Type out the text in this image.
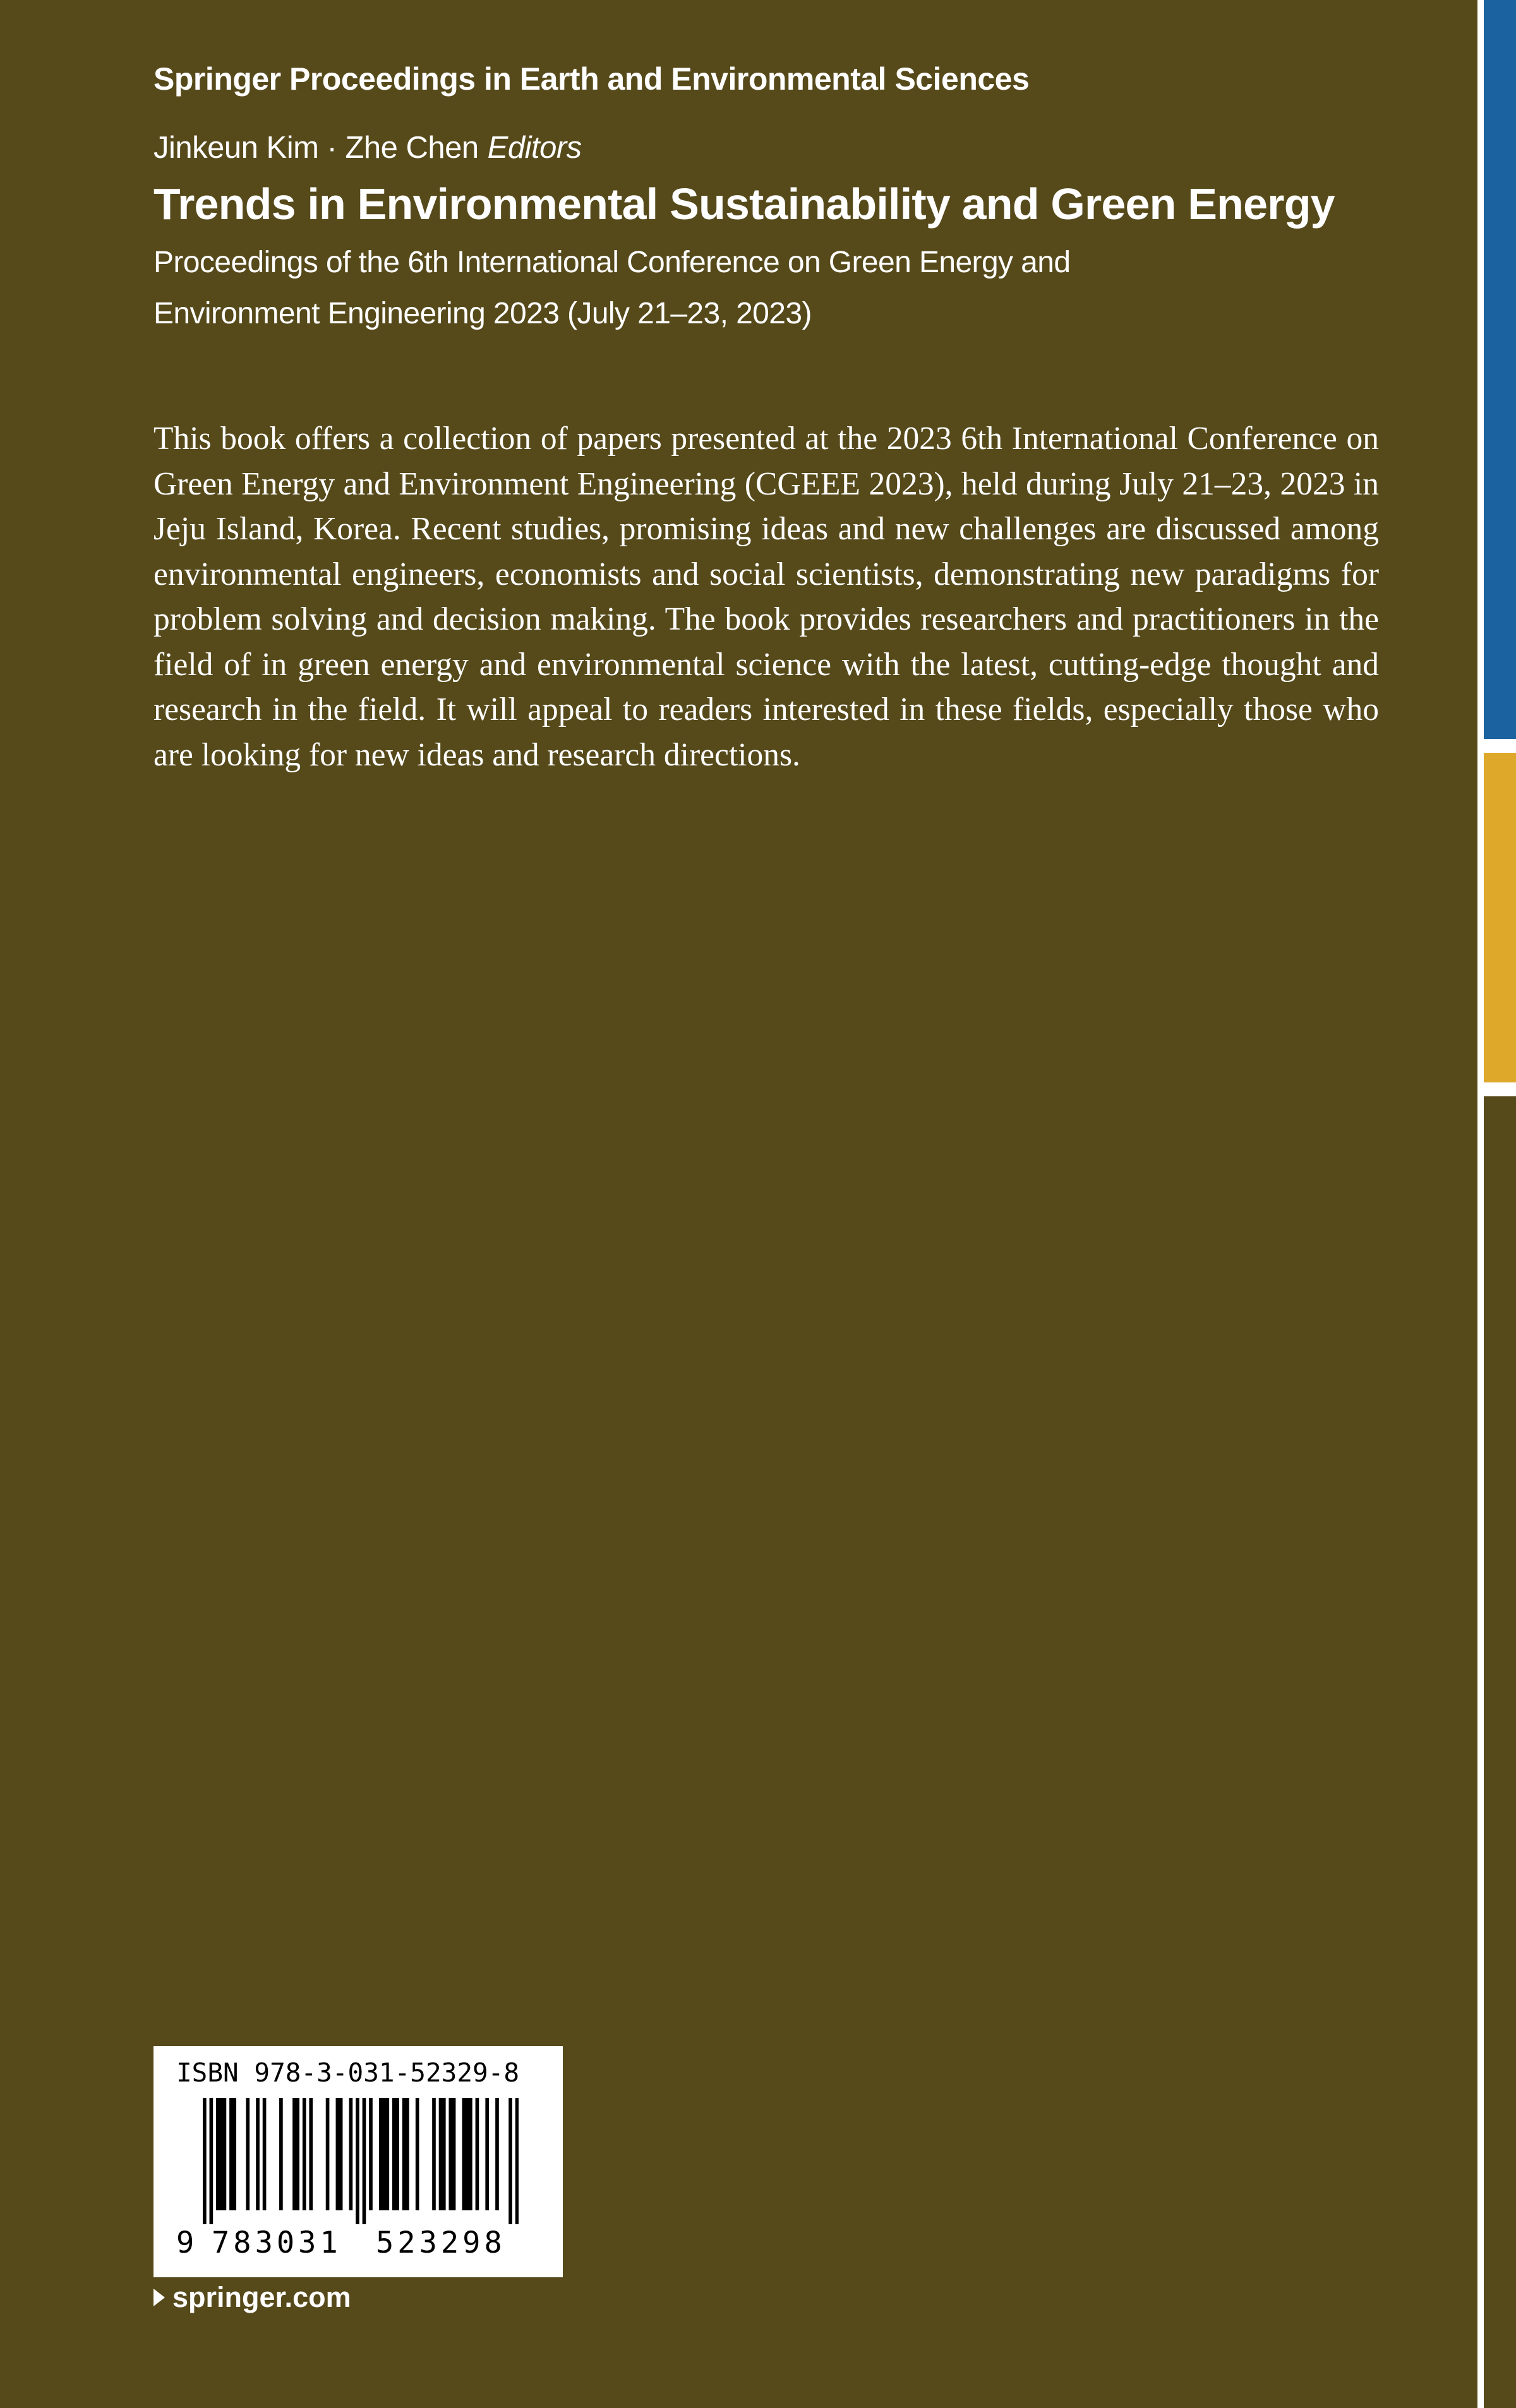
Springer Proceedings in Earth and Environmental Sciences
Jinkeun Kim · Zhe Chen Editors
Trends in Environmental Sustainability and Green Energy
Proceedings of the 6th International Conference on Green Energy and Environment Engineering 2023 (July 21–23, 2023)
This book offers a collection of papers presented at the 2023 6th International Conference on Green Energy and Environment Engineering (CGEEE 2023), held during July 21–23, 2023 in Jeju Island, Korea. Recent studies, promising ideas and new challenges are discussed among environmental engineers, economists and social scientists, demonstrating new paradigms for problem solving and decision making. The book provides researchers and practitioners in the field of in green energy and environmental science with the latest, cutting-edge thought and research in the field. It will appeal to readers interested in these fields, especially those who are looking for new ideas and research directions.
ISBN 978-3-031-52329-8
9 783031 523298
springer.com
